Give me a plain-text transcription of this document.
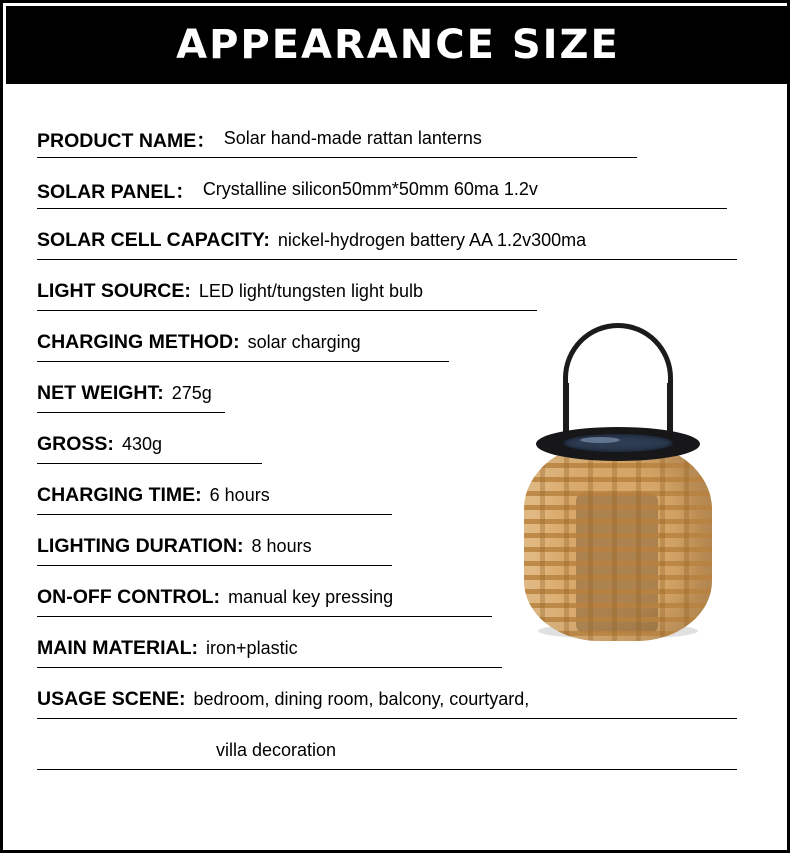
APPEARANCE SIZE
PRODUCT NAME： Solar hand-made rattan lanterns
SOLAR PANEL： Crystalline silicon50mm*50mm 60ma 1.2v
SOLAR CELL CAPACITY: nickel-hydrogen battery AA 1.2v300ma
LIGHT SOURCE: LED light/tungsten light bulb
CHARGING METHOD: solar charging
NET WEIGHT: 275g
GROSS: 430g
CHARGING TIME: 6 hours
LIGHTING DURATION: 8 hours
ON-OFF CONTROL: manual key pressing
MAIN MATERIAL: iron+plastic
USAGE SCENE: bedroom, dining room, balcony, courtyard,
villa decoration
